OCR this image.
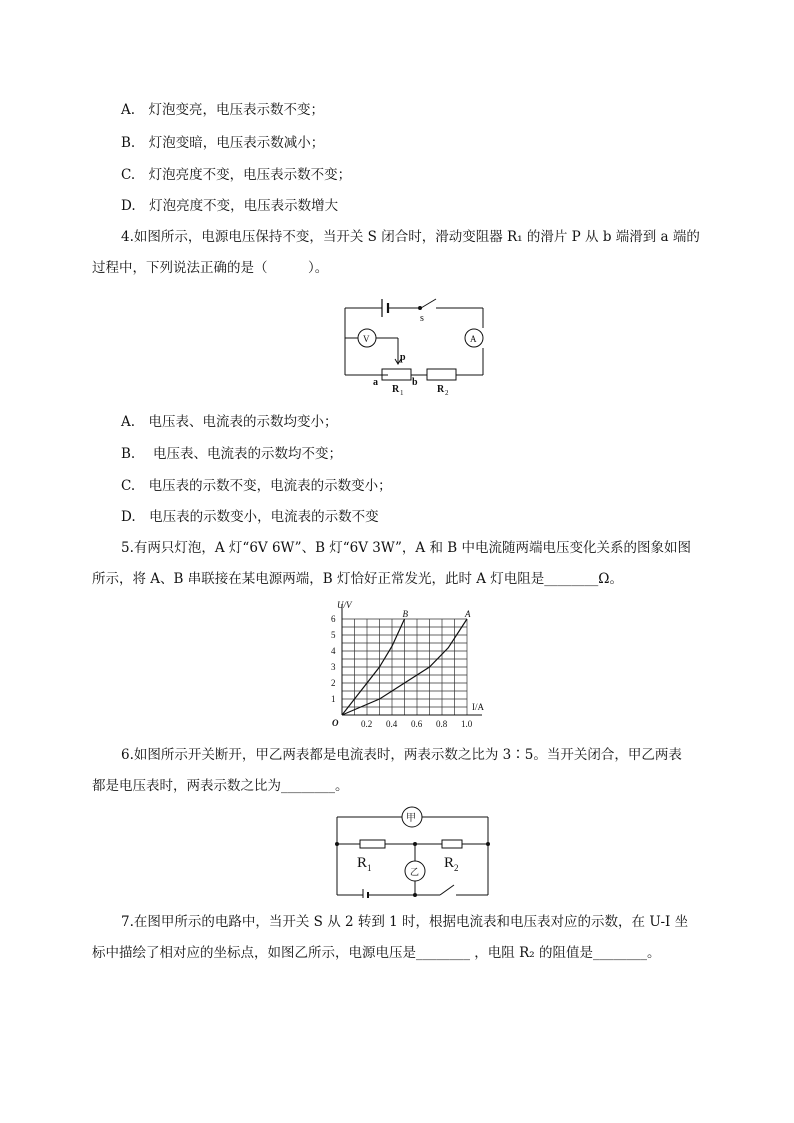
A.　灯泡变亮，电压表示数不变；
B.　灯泡变暗，电压表示数减小；
C.　灯泡亮度不变，电压表示数不变；
D.　灯泡亮度不变，电压表示数增大
4.如图所示，电源电压保持不变，当开关 S 闭合时，滑动变阻器 R₁ 的滑片 P 从 b 端滑到 a 端的
过程中，下列说法正确的是（　　　）。
s
V	A
p
a	b
R 1	R 2
A.　电压表、电流表的示数均变小；
B.　 电压表、电流表的示数均不变；
C.　电压表的示数不变，电流表的示数变小；
D.　电压表的示数变小，电流表的示数不变
5.有两只灯泡，A 灯“6V 6W”、B 灯“6V 3W”，A 和 B 中电流随两端电压变化关系的图象如图
所示，将 A、B 串联接在某电源两端，B 灯恰好正常发光，此时 A 灯电阻是________Ω。
0.2 0.4 0.6 0.8 1.0
1
2
3
4
5
6
O
I/A
U/V
B	A
6.如图所示开关断开，甲乙两表都是电流表时，两表示数之比为 3∶5。当开关闭合，甲乙两表
都是电压表时，两表示数之比为________。
甲
乙
R 1	R 2
7.在图甲所示的电路中，当开关 S 从 2 转到 1 时，根据电流表和电压表对应的示数，在 U-I 坐
标中描绘了相对应的坐标点，如图乙所示，电源电压是________ ，电阻 R₂ 的阻值是________。
